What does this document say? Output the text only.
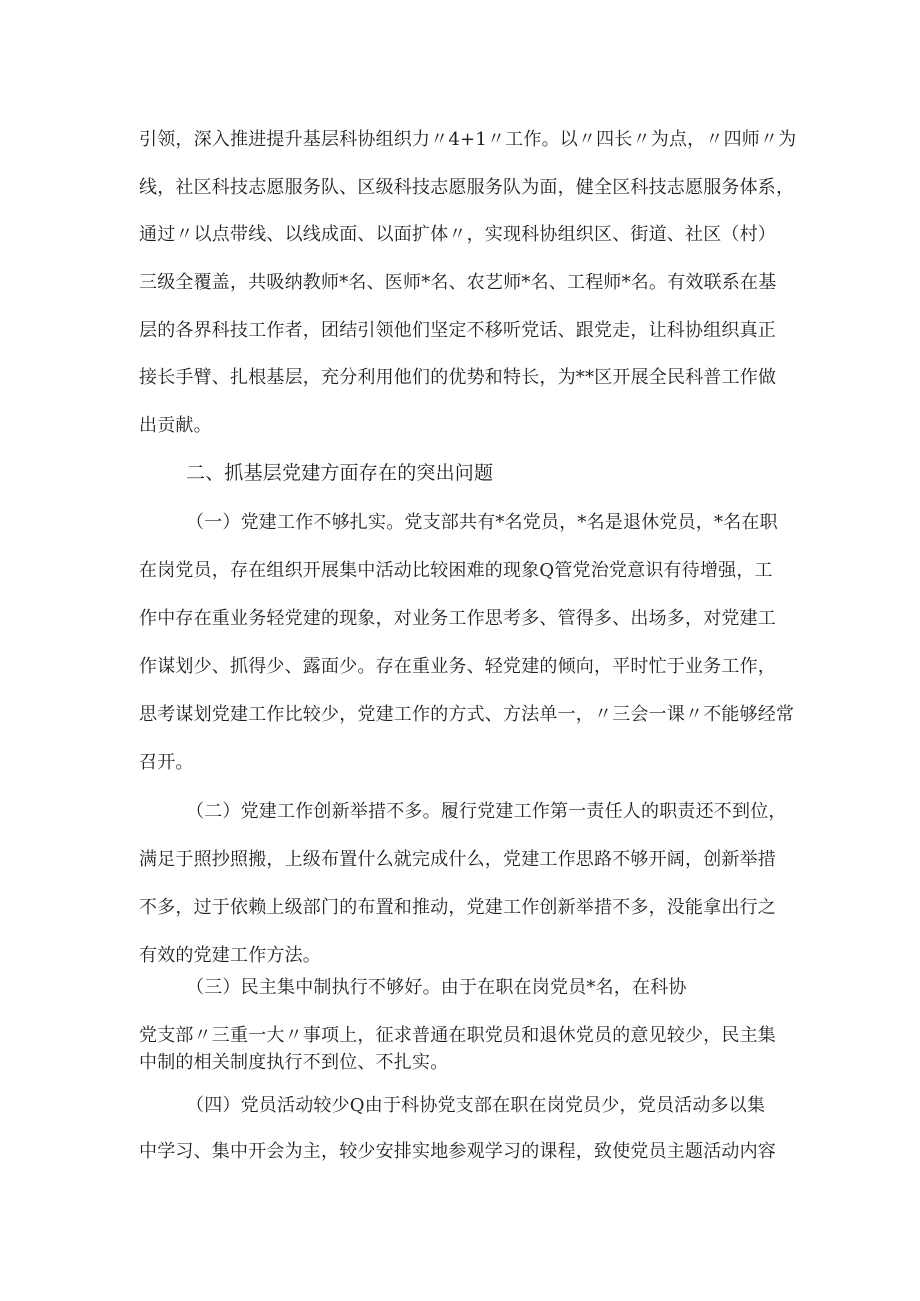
引领，深入推进提升基层科协组织力〃4+1〃工作。以〃四长〃为点，〃四师〃为
线，社区科技志愿服务队、区级科技志愿服务队为面，健全区科技志愿服务体系，
通过〃以点带线、以线成面、以面扩体〃，实现科协组织区、街道、社区（村）
三级全覆盖，共吸纳教师*名、医师*名、农艺师*名、工程师*名。有效联系在基
层的各界科技工作者，团结引领他们坚定不移听党话、跟党走，让科协组织真正
接长手臂、扎根基层，充分利用他们的优势和特长，为**区开展全民科普工作做
出贡献。
二、抓基层党建方面存在的突出问题
（一）党建工作不够扎实。党支部共有*名党员，*名是退休党员，*名在职
在岗党员，存在组织开展集中活动比较困难的现象Q管党治党意识有待增强，工
作中存在重业务轻党建的现象，对业务工作思考多、管得多、出场多，对党建工
作谋划少、抓得少、露面少。存在重业务、轻党建的倾向，平时忙于业务工作，
思考谋划党建工作比较少，党建工作的方式、方法单一，〃三会一课〃不能够经常
召开。
（二）党建工作创新举措不多。履行党建工作第一责任人的职责还不到位，
满足于照抄照搬，上级布置什么就完成什么，党建工作思路不够开阔，创新举措
不多，过于依赖上级部门的布置和推动，党建工作创新举措不多，没能拿出行之
有效的党建工作方法。
（三）民主集中制执行不够好。由于在职在岗党员*名，在科协
党支部〃三重一大〃事项上，征求普通在职党员和退休党员的意见较少，民主集
中制的相关制度执行不到位、不扎实。
（四）党员活动较少Q由于科协党支部在职在岗党员少，党员活动多以集
中学习、集中开会为主，较少安排实地参观学习的课程，致使党员主题活动内容
